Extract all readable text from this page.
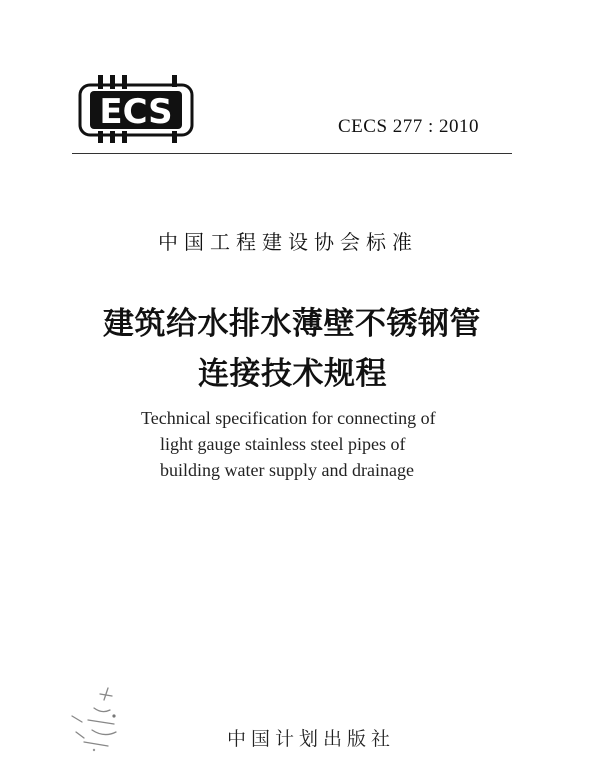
ECS	CECS 277 : 2010
中国工程建设协会标准
建筑给水排水薄壁不锈钢管
连接技术规程
Technical specification for connecting of
light gauge stainless steel pipes of
building water supply and drainage
中国计划出版社
